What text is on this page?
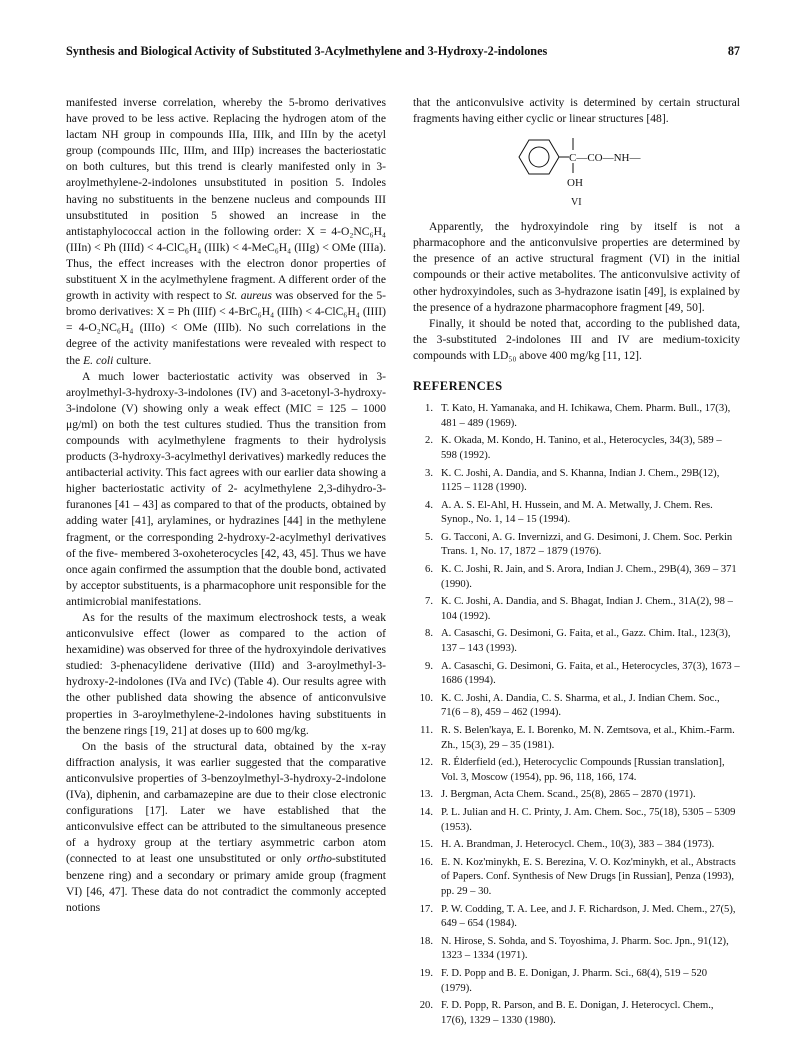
Synthesis and Biological Activity of Substituted 3-Acylmethylene and 3-Hydroxy-2-indolones	87

manifested inverse correlation, whereby the 5-bromo derivatives have proved to be less active. Replacing the hydrogen atom of the lactam NH group in compounds IIIa, IIIk, and IIIn by the acetyl group (compounds IIIc, IIIm, and IIIp) increases the bacteriostatic on both cultures, but this trend is clearly manifested only in 3-aroylmethylene-2-indolones unsubstituted in position 5. Indoles having no substituents in the benzene nucleus and compounds III unsubstituted in position 5 showed an increase in the antistaphylococcal action in the following order: X = 4-O₂NC₆H₄ (IIIn) < Ph (IIId) < 4-ClC₆H₄ (IIIk) < 4-MeC₆H₄ (IIIg) < OMe (IIIa). Thus, the effect increases with the electron donor properties of substituent X in the acylmethylene fragment. A different order of the growth in activity with respect to St. aureus was observed for the 5-bromo derivatives: X = Ph (IIIf) < 4-BrC₆H₄ (IIIh) < 4-ClC₆H₄ (IIII) = 4-O₂NC₆H₄ (IIIo) < OMe (IIIb). No such correlations in the degree of the activity manifestations were revealed with respect to the E. coli culture.

A much lower bacteriostatic activity was observed in 3-aroylmethyl-3-hydroxy-3-indolones (IV) and 3-acetonyl-3-hydroxy- 3-indolone (V) showing only a weak effect (MIC = 125 – 1000 μg/ml) on both the test cultures studied. Thus the transition from compounds with acylmethylene fragments to their hydrolysis products (3-hydroxy-3-acylmethyl derivatives) markedly reduces the antibacterial activity. This fact agrees with our earlier data showing a higher bacteriostatic activity of 2- acylmethylene 2,3-dihydro-3-furanones [41 – 43] as compared to that of the products, obtained by adding water [41], arylamines, or hydrazines [44] in the methylene fragment, or the corresponding 2-hydroxy-2-acylmethyl derivatives of the five- membered 3-oxoheterocycles [42, 43, 45]. Thus we have once again confirmed the assumption that the double bond, activated by acceptor substituents, is a pharmacophore unit responsible for the antimicrobial manifestations.

As for the results of the maximum electroshock tests, a weak anticonvulsive effect (lower as compared to the action of hexamidine) was observed for three of the hydroxyindole derivatives studied: 3-phenacylidene derivative (IIId) and 3-aroylmethyl-3-hydroxy-2-indolones (IVa and IVc) (Table 4). Our results agree with the other published data showing the absence of anticonvulsive properties in 3-aroylmethylene-2-indolones having substituents in the benzene rings [19, 21] at doses up to 600 mg/kg.

On the basis of the structural data, obtained by the x-ray diffraction analysis, it was earlier suggested that the comparative anticonvulsive properties of 3-benzoylmethyl-3-hydroxy-2-indolone (IVa), diphenin, and carbamazepine are due to their close electronic configurations [17]. Later we have established that the anticonvulsive effect can be attributed to the simultaneous presence of a hydroxy group at the tertiary asymmetric carbon atom (connected to at least one unsubstituted or only ortho-substituted benzene ring) and a secondary or primary amide group (fragment VI) [46, 47]. These data do not contradict the commonly accepted notions

that the anticonvulsive activity is determined by certain structural fragments having either cyclic or linear structures [48].

C—CO—NH—
OH
VI

Apparently, the hydroxyindole ring by itself is not a pharmacophore and the anticonvulsive properties are determined by the presence of an active structural fragment (VI) in the initial compounds or their active metabolites. The anticonvulsive activity of other hydroxyindoles, such as 3-hydrazone isatin [49], is explained by the presence of a hydrazone pharmacophore fragment [49, 50].

Finally, it should be noted that, according to the published data, the 3-substituted 2-indolones III and IV are medium-toxicity compounds with LD₅₀ above 400 mg/kg [11, 12].

REFERENCES
1. T. Kato, H. Yamanaka, and H. Ichikawa, Chem. Pharm. Bull., 17(3), 481 – 489 (1969).
2. K. Okada, M. Kondo, H. Tanino, et al., Heterocycles, 34(3), 589 – 598 (1992).
3. K. C. Joshi, A. Dandia, and S. Khanna, Indian J. Chem., 29B(12), 1125 – 1128 (1990).
4. A. A. S. El-Ahl, H. Hussein, and M. A. Metwally, J. Chem. Res. Synop., No. 1, 14 – 15 (1994).
5. G. Tacconi, A. G. Invernizzi, and G. Desimoni, J. Chem. Soc. Perkin Trans. 1, No. 17, 1872 – 1879 (1976).
6. K. C. Joshi, R. Jain, and S. Arora, Indian J. Chem., 29B(4), 369 – 371 (1990).
7. K. C. Joshi, A. Dandia, and S. Bhagat, Indian J. Chem., 31A(2), 98 – 104 (1992).
8. A. Casaschi, G. Desimoni, G. Faita, et al., Gazz. Chim. Ital., 123(3), 137 – 143 (1993).
9. A. Casaschi, G. Desimoni, G. Faita, et al., Heterocycles, 37(3), 1673 – 1686 (1994).
10. K. C. Joshi, A. Dandia, C. S. Sharma, et al., J. Indian Chem. Soc., 71(6 – 8), 459 – 462 (1994).
11. R. S. Belen'kaya, E. I. Borenko, M. N. Zemtsova, et al., Khim.-Farm. Zh., 15(3), 29 – 35 (1981).
12. R. Élderfield (ed.), Heterocyclic Compounds [Russian translation], Vol. 3, Moscow (1954), pp. 96, 118, 166, 174.
13. J. Bergman, Acta Chem. Scand., 25(8), 2865 – 2870 (1971).
14. P. L. Julian and H. C. Printy, J. Am. Chem. Soc., 75(18), 5305 – 5309 (1953).
15. H. A. Brandman, J. Heterocycl. Chem., 10(3), 383 – 384 (1973).
16. E. N. Koz'minykh, E. S. Berezina, V. O. Koz'minykh, et al., Abstracts of Papers. Conf. Synthesis of New Drugs [in Russian], Penza (1993), pp. 29 – 30.
17. P. W. Codding, T. A. Lee, and J. F. Richardson, J. Med. Chem., 27(5), 649 – 654 (1984).
18. N. Hirose, S. Sohda, and S. Toyoshima, J. Pharm. Soc. Jpn., 91(12), 1323 – 1334 (1971).
19. F. D. Popp and B. E. Donigan, J. Pharm. Sci., 68(4), 519 – 520 (1979).
20. F. D. Popp, R. Parson, and B. E. Donigan, J. Heterocycl. Chem., 17(6), 1329 – 1330 (1980).
